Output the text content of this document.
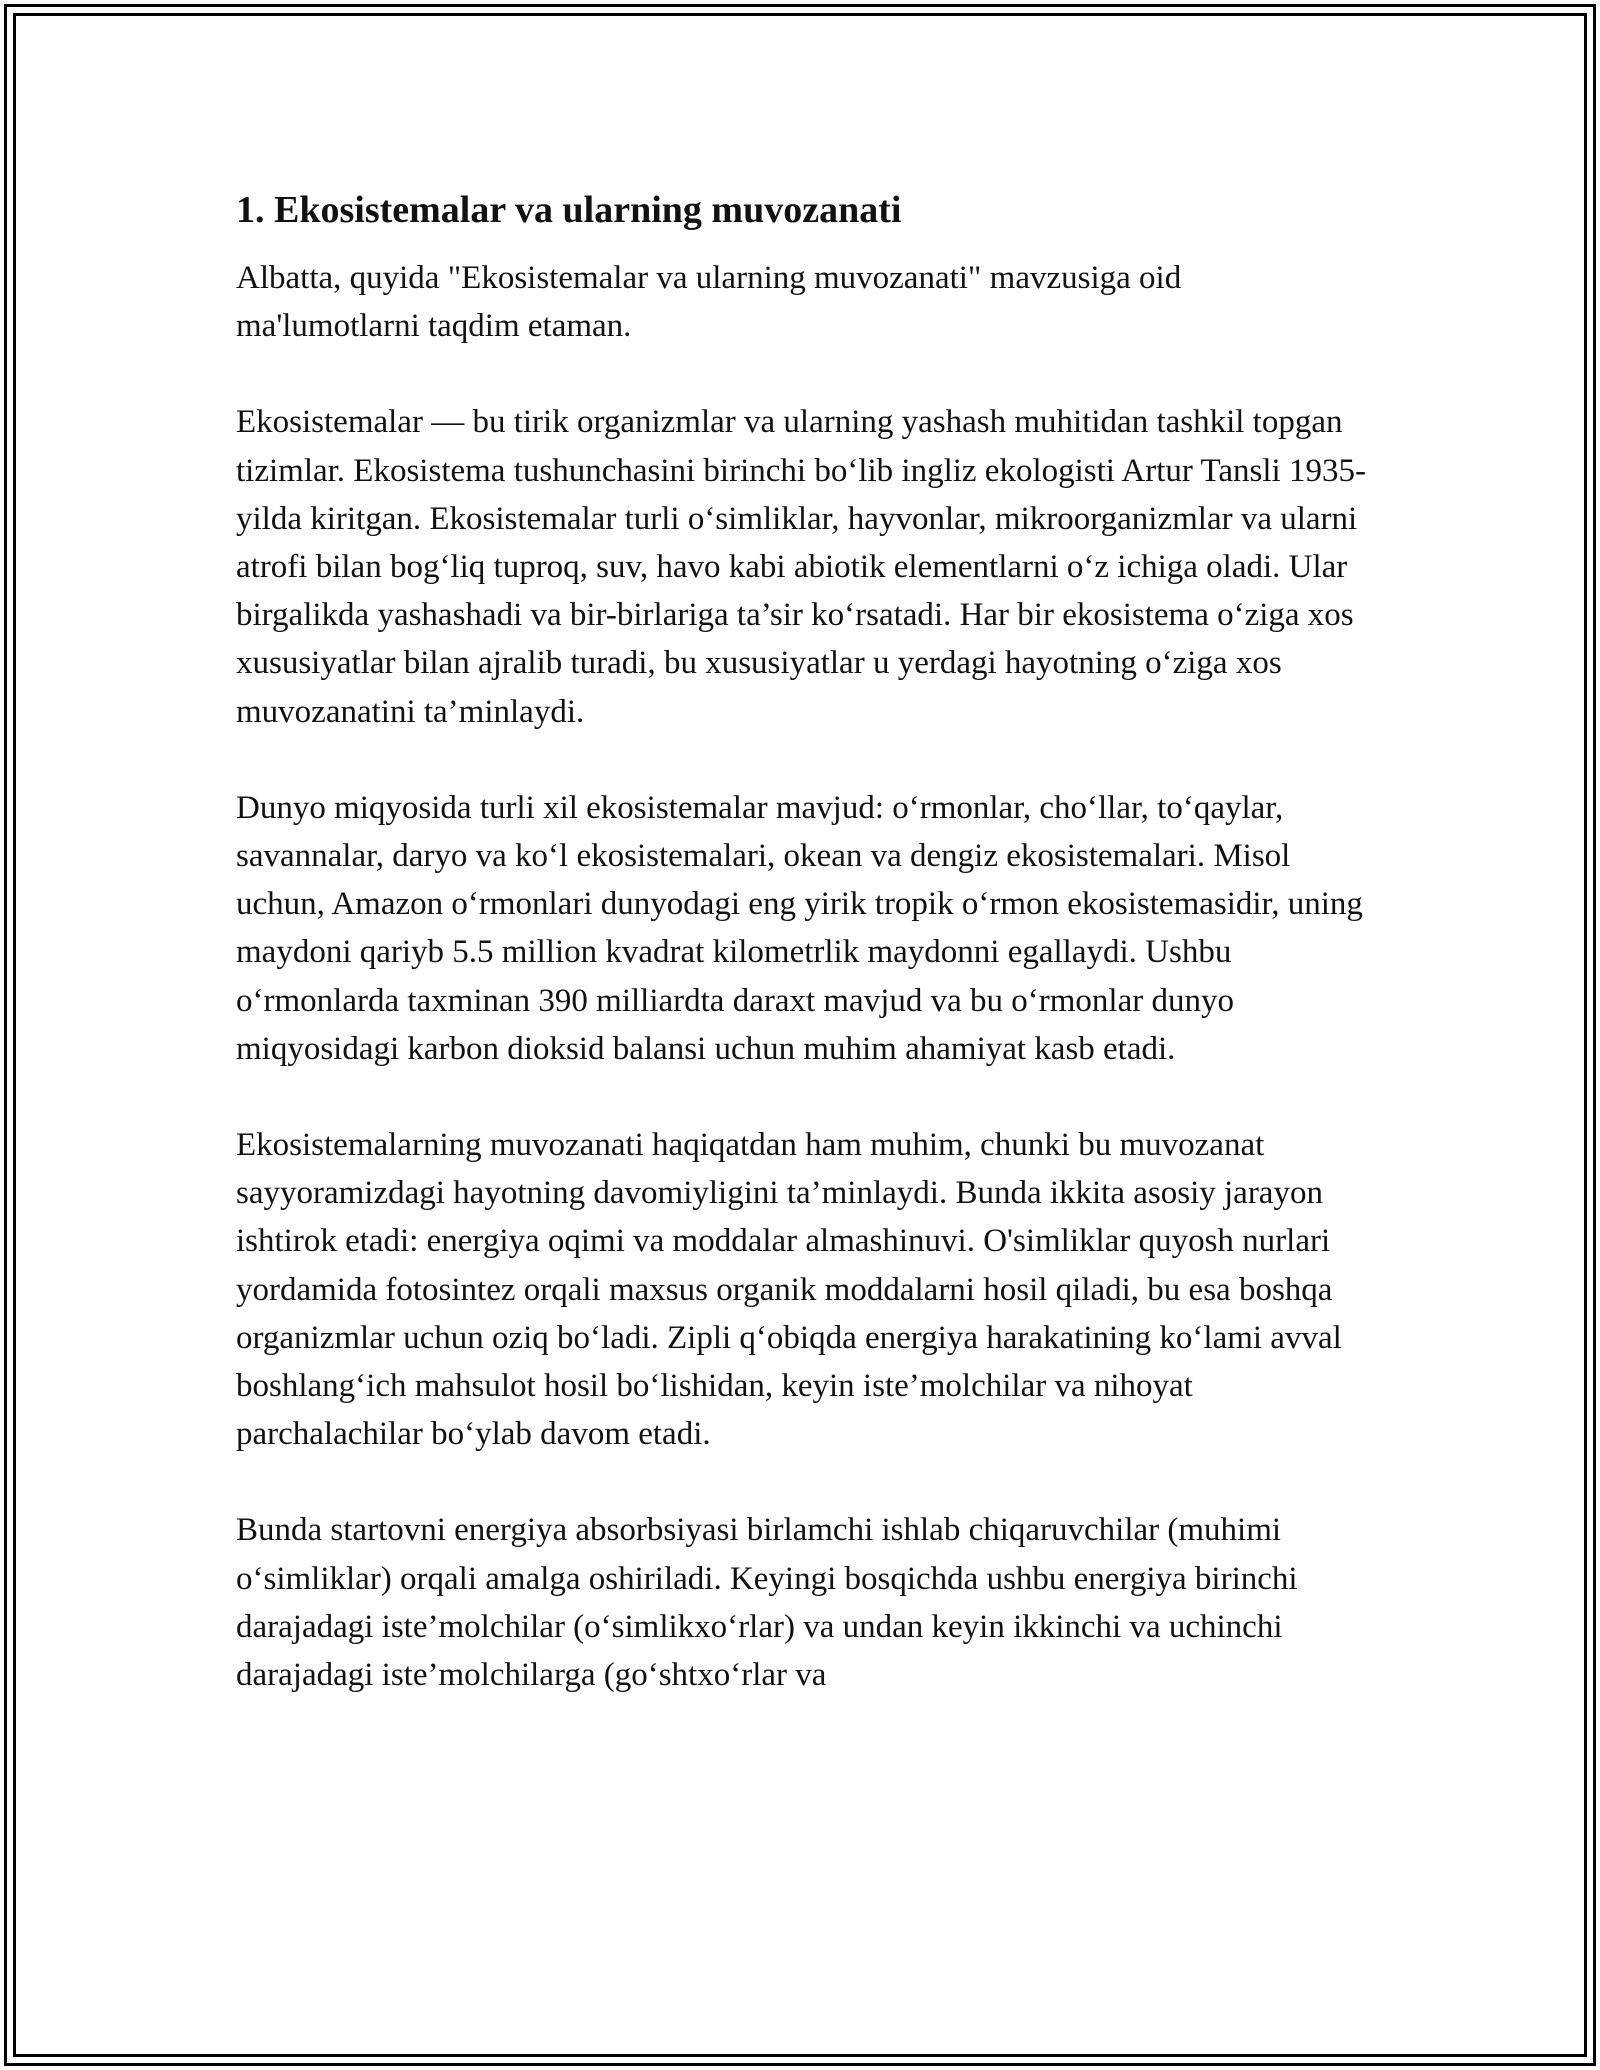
1. Ekosistemalar va ularning muvozanati

Albatta, quyida "Ekosistemalar va ularning muvozanati" mavzusiga oid ma'lumotlarni taqdim etaman.

Ekosistemalar — bu tirik organizmlar va ularning yashash muhitidan tashkil topgan tizimlar. Ekosistema tushunchasini birinchi boʻlib ingliz ekologisti Artur Tansli 1935-yilda kiritgan. Ekosistemalar turli oʻsimliklar, hayvonlar, mikroorganizmlar va ularni atrofi bilan bogʻliq tuproq, suv, havo kabi abiotik elementlarni oʻz ichiga oladi. Ular birgalikda yashashadi va bir-birlariga ta’sir koʻrsatadi. Har bir ekosistema oʻziga xos xususiyatlar bilan ajralib turadi, bu xususiyatlar u yerdagi hayotning oʻziga xos muvozanatini ta’minlaydi.

Dunyo miqyosida turli xil ekosistemalar mavjud: oʻrmonlar, choʻllar, toʻqaylar, savannalar, daryo va koʻl ekosistemalari, okean va dengiz ekosistemalari. Misol uchun, Amazon oʻrmonlari dunyodagi eng yirik tropik oʻrmon ekosistemasidir, uning maydoni qariyb 5.5 million kvadrat kilometrlik maydonni egallaydi. Ushbu oʻrmonlarda taxminan 390 milliardta daraxt mavjud va bu oʻrmonlar dunyo miqyosidagi karbon dioksid balansi uchun muhim ahamiyat kasb etadi.

Ekosistemalarning muvozanati haqiqatdan ham muhim, chunki bu muvozanat sayyoramizdagi hayotning davomiyligini ta’minlaydi. Bunda ikkita asosiy jarayon ishtirok etadi: energiya oqimi va moddalar almashinuvi. O'simliklar quyosh nurlari yordamida fotosintez orqali maxsus organik moddalarni hosil qiladi, bu esa boshqa organizmlar uchun oziq boʻladi. Zipli qʻobiqda energiya harakatining koʻlami avval boshlangʻich mahsulot hosil boʻlishidan, keyin iste’molchilar va nihoyat parchalachilar boʻylab davom etadi.

Bunda startovni energiya absorbsiyasi birlamchi ishlab chiqaruvchilar (muhimi oʻsimliklar) orqali amalga oshiriladi. Keyingi bosqichda ushbu energiya birinchi darajadagi iste’molchilar (oʻsimlikxoʻrlar) va undan keyin ikkinchi va uchinchi darajadagi iste’molchilarga (goʻshtxoʻrlar va
